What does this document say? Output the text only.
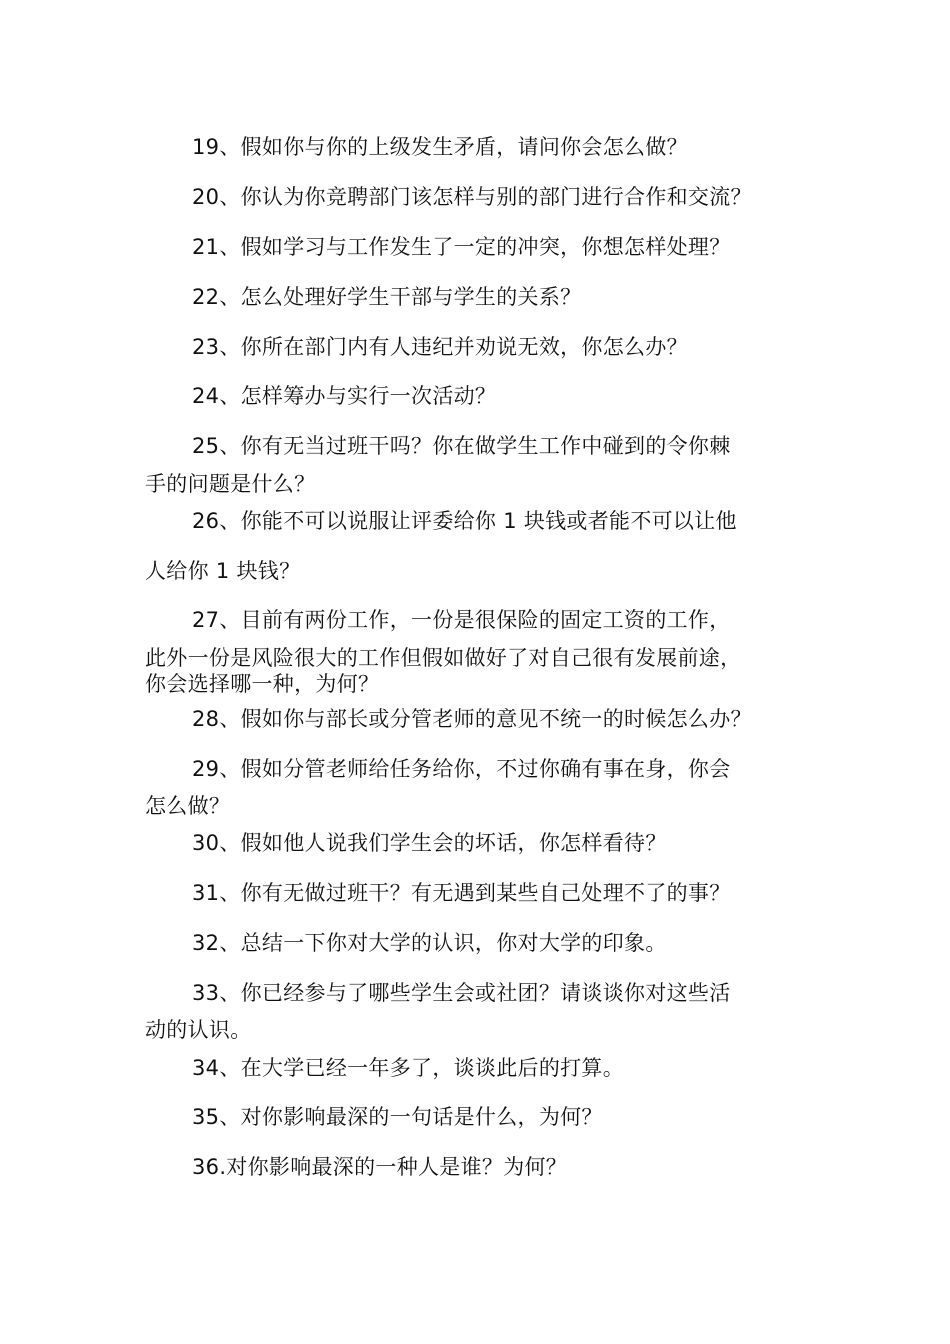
19、假如你与你的上级发生矛盾，请问你会怎么做？
20、你认为你竞聘部门该怎样与别的部门进行合作和交流？
21、假如学习与工作发生了一定的冲突，你想怎样处理？
22、怎么处理好学生干部与学生的关系？
23、你所在部门内有人违纪并劝说无效，你怎么办？
24、怎样筹办与实行一次活动？
25、你有无当过班干吗？你在做学生工作中碰到的令你棘
手的问题是什么？
26、你能不可以说服让评委给你 1 块钱或者能不可以让他
人给你 1 块钱？
27、目前有两份工作，一份是很保险的固定工资的工作，
此外一份是风险很大的工作但假如做好了对自己很有发展前途，
你会选择哪一种，为何？
28、假如你与部长或分管老师的意见不统一的时候怎么办？
29、假如分管老师给任务给你，不过你确有事在身，你会
怎么做？
30、假如他人说我们学生会的坏话，你怎样看待？
31、你有无做过班干？有无遇到某些自己处理不了的事？
32、总结一下你对大学的认识，你对大学的印象。
33、你已经参与了哪些学生会或社团？请谈谈你对这些活
动的认识。
34、在大学已经一年多了，谈谈此后的打算。
35、对你影响最深的一句话是什么，为何？
36.对你影响最深的一种人是谁？为何？
